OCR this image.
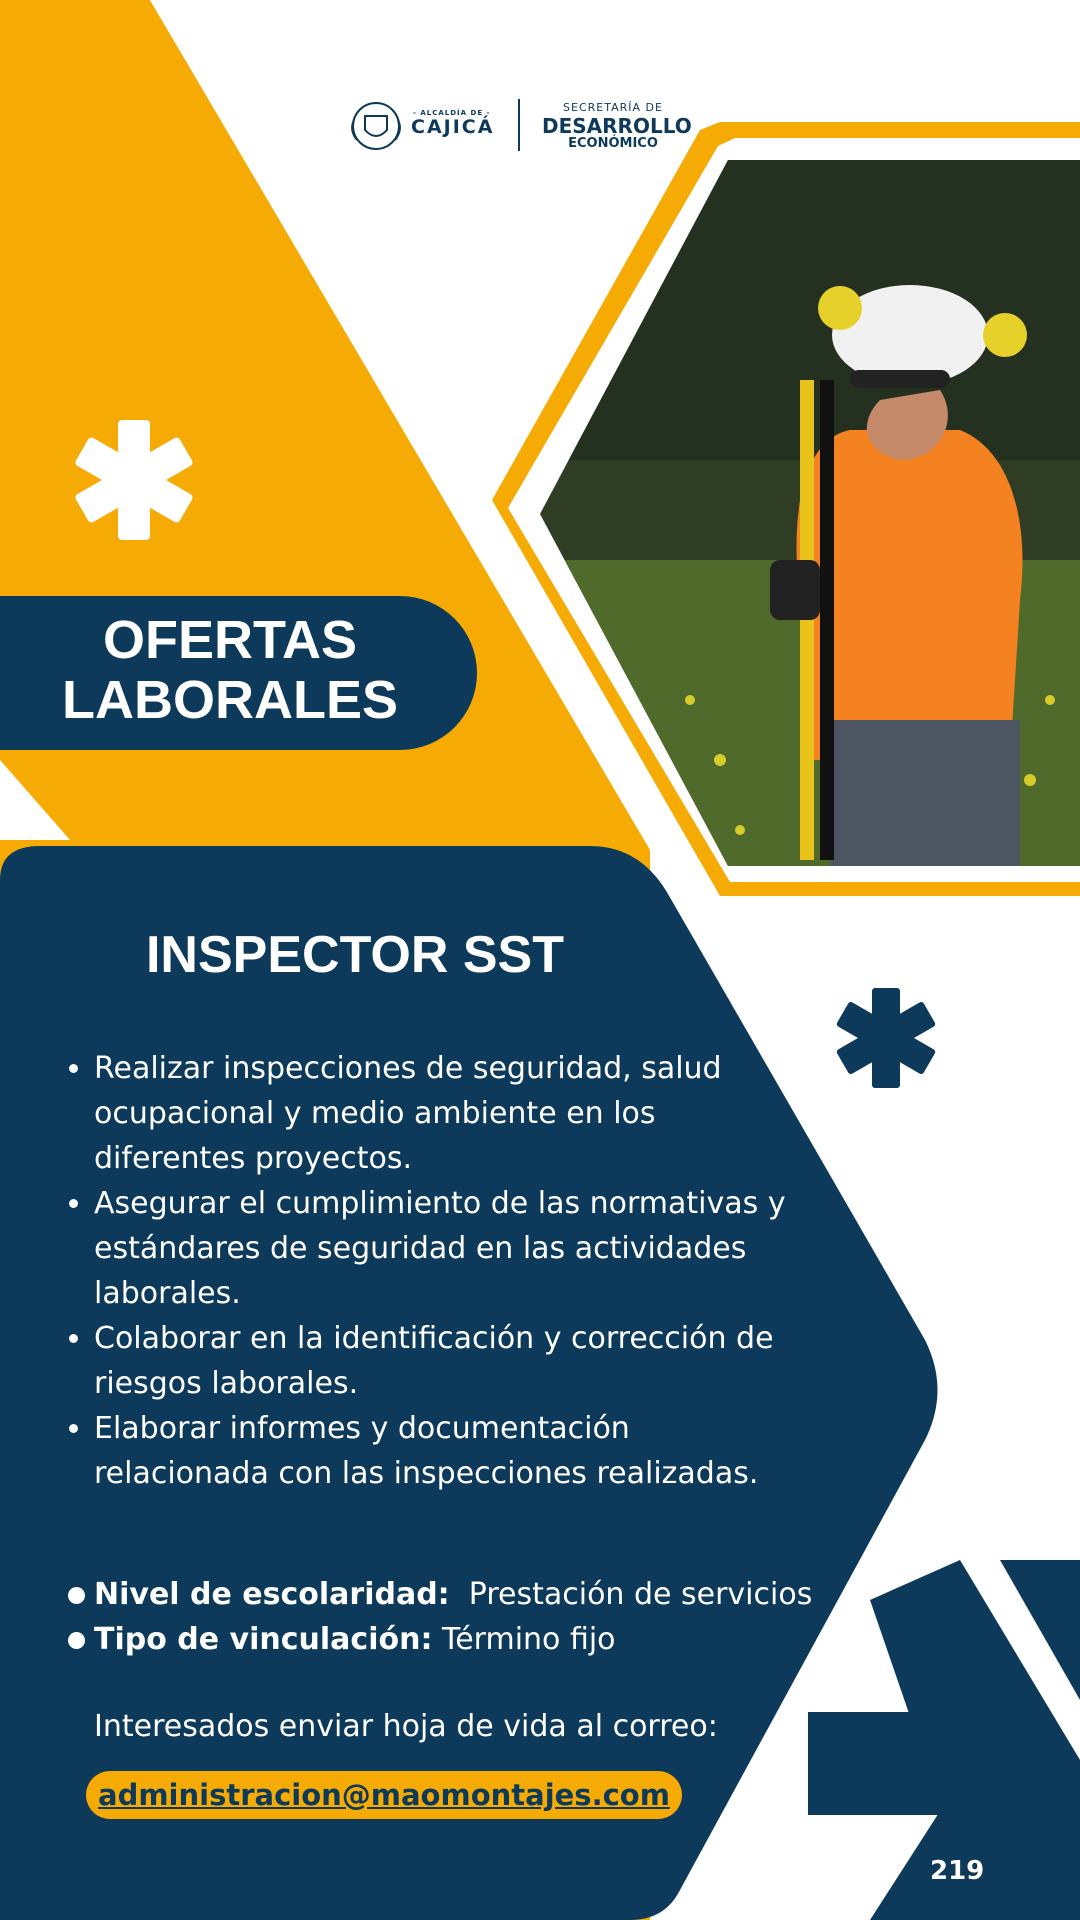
- ALCALDÍA DE -
CAJICÁ
SECRETARÍA DE
DESARROLLO
ECONÓMICO
OFERTAS
LABORALES
INSPECTOR SST
• Realizar inspecciones de seguridad, salud ocupacional y medio ambiente en los diferentes proyectos.
• Asegurar el cumplimiento de las normativas y estándares de seguridad en las actividades laborales.
• Colaborar en la identificación y corrección de riesgos laborales.
• Elaborar informes y documentación relacionada con las inspecciones realizadas.
Nivel de escolaridad: Prestación de servicios
Tipo de vinculación: Término fijo
Interesados enviar hoja de vida al correo:
administracion@maomontajes.com
219
